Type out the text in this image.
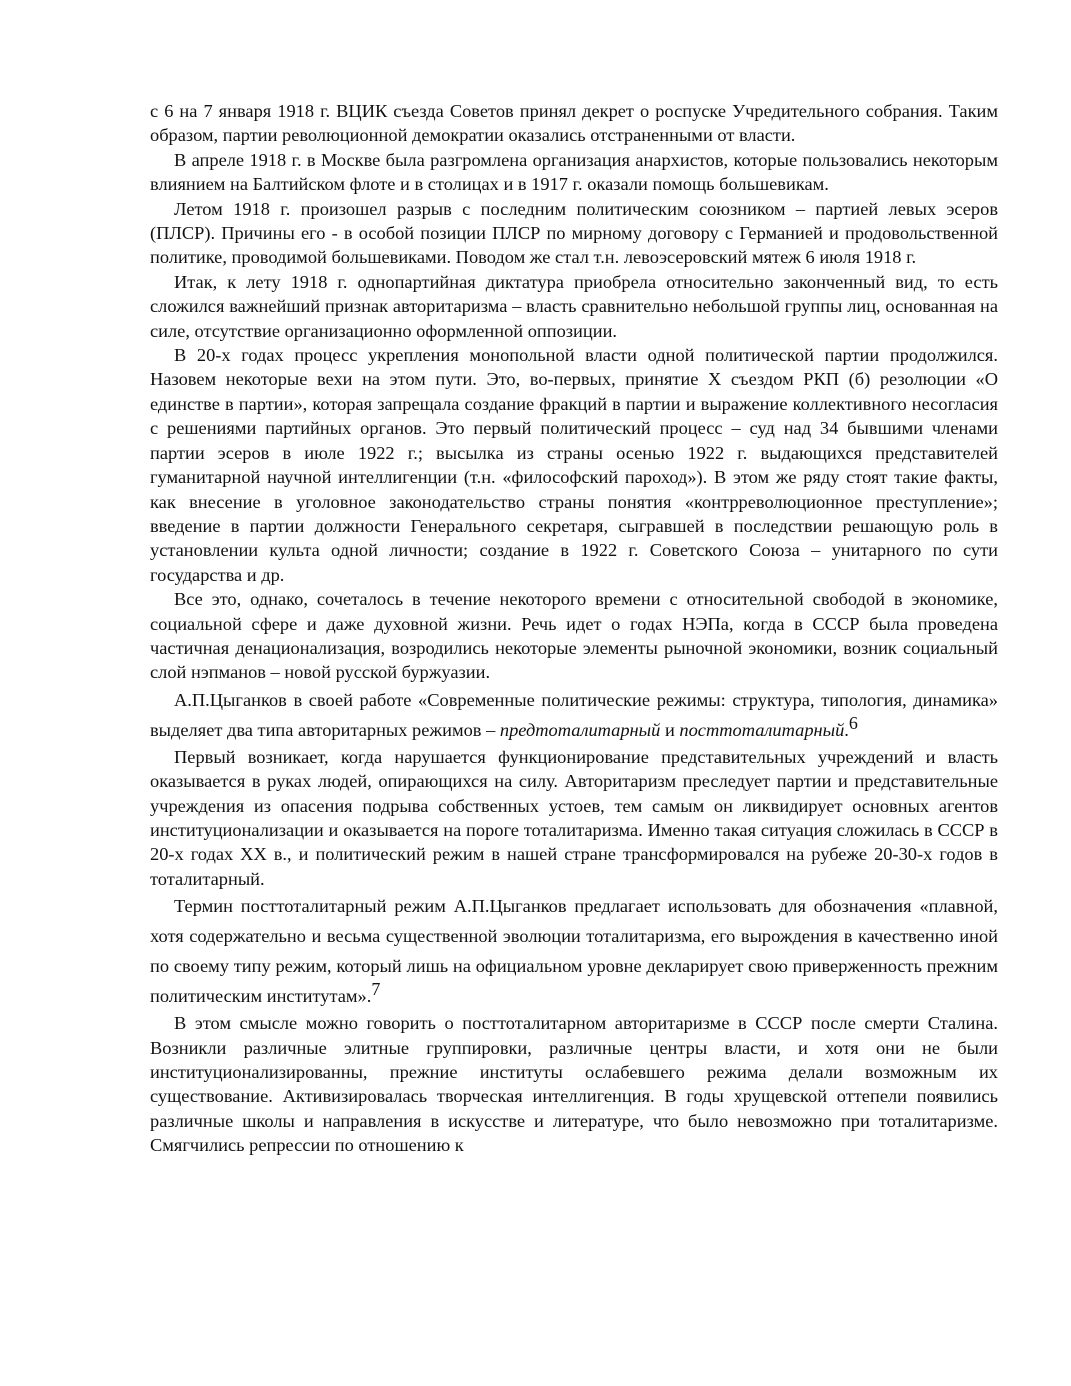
с 6 на 7 января 1918 г. ВЦИК съезда Советов принял декрет о роспуске Учредительного собрания. Таким образом, партии революционной демократии оказались отстраненными от власти.

В апреле 1918 г. в Москве была разгромлена организация анархистов, которые пользовались некоторым влиянием на Балтийском флоте и в столицах и в 1917 г. оказали помощь большевикам.

Летом 1918 г. произошел разрыв с последним политическим союзником – партией левых эсеров (ПЛСР). Причины его - в особой позиции ПЛСР по мирному договору с Германией и продовольственной политике, проводимой большевиками. Поводом же стал т.н. левоэсеровский мятеж 6 июля 1918 г.

Итак, к лету 1918 г. однопартийная диктатура приобрела относительно законченный вид, то есть сложился важнейший признак авторитаризма – власть сравнительно небольшой группы лиц, основанная на силе, отсутствие организационно оформленной оппозиции.

В 20-х годах процесс укрепления монопольной власти одной политической партии продолжился. Назовем некоторые вехи на этом пути. Это, во-первых, принятие X съездом РКП (б) резолюции «О единстве в партии», которая запрещала создание фракций в партии и выражение коллективного несогласия с решениями партийных органов. Это первый политический процесс – суд над 34 бывшими членами партии эсеров в июле 1922 г.; высылка из страны осенью 1922 г. выдающихся представителей гуманитарной научной интеллигенции (т.н. «философский пароход»). В этом же ряду стоят такие факты, как внесение в уголовное законодательство страны понятия «контрреволюционное преступление»; введение в партии должности Генерального секретаря, сыгравшей в последствии решающую роль в установлении культа одной личности; создание в 1922 г. Советского Союза – унитарного по сути государства и др.

Все это, однако, сочеталось в течение некоторого времени с относительной свободой в экономике, социальной сфере и даже духовной жизни. Речь идет о годах НЭПа, когда в СССР была проведена частичная денационализация, возродились некоторые элементы рыночной экономики, возник социальный слой нэпманов – новой русской буржуазии.

А.П.Цыганков в своей работе «Современные политические режимы: структура, типология, динамика» выделяет два типа авторитарных режимов – предтоталитарный и посттоталитарный.6

Первый возникает, когда нарушается функционирование представительных учреждений и власть оказывается в руках людей, опирающихся на силу. Авторитаризм преследует партии и представительные учреждения из опасения подрыва собственных устоев, тем самым он ликвидирует основных агентов институционализации и оказывается на пороге тоталитаризма. Именно такая ситуация сложилась в СССР в 20-х годах XX в., и политический режим в нашей стране трансформировался на рубеже 20-30-х годов в тоталитарный.

Термин посттоталитарный режим А.П.Цыганков предлагает использовать для обозначения «плавной, хотя содержательно и весьма существенной эволюции тоталитаризма, его вырождения в качественно иной по своему типу режим, который лишь на официальном уровне декларирует свою приверженность прежним политическим институтам».7

В этом смысле можно говорить о посттоталитарном авторитаризме в СССР после смерти Сталина. Возникли различные элитные группировки, различные центры власти, и хотя они не были институционализированны, прежние институты ослабевшего режима делали возможным их существование. Активизировалась творческая интеллигенция. В годы хрущевской оттепели появились различные школы и направления в искусстве и литературе, что было невозможно при тоталитаризме. Смягчились репрессии по отношению к
